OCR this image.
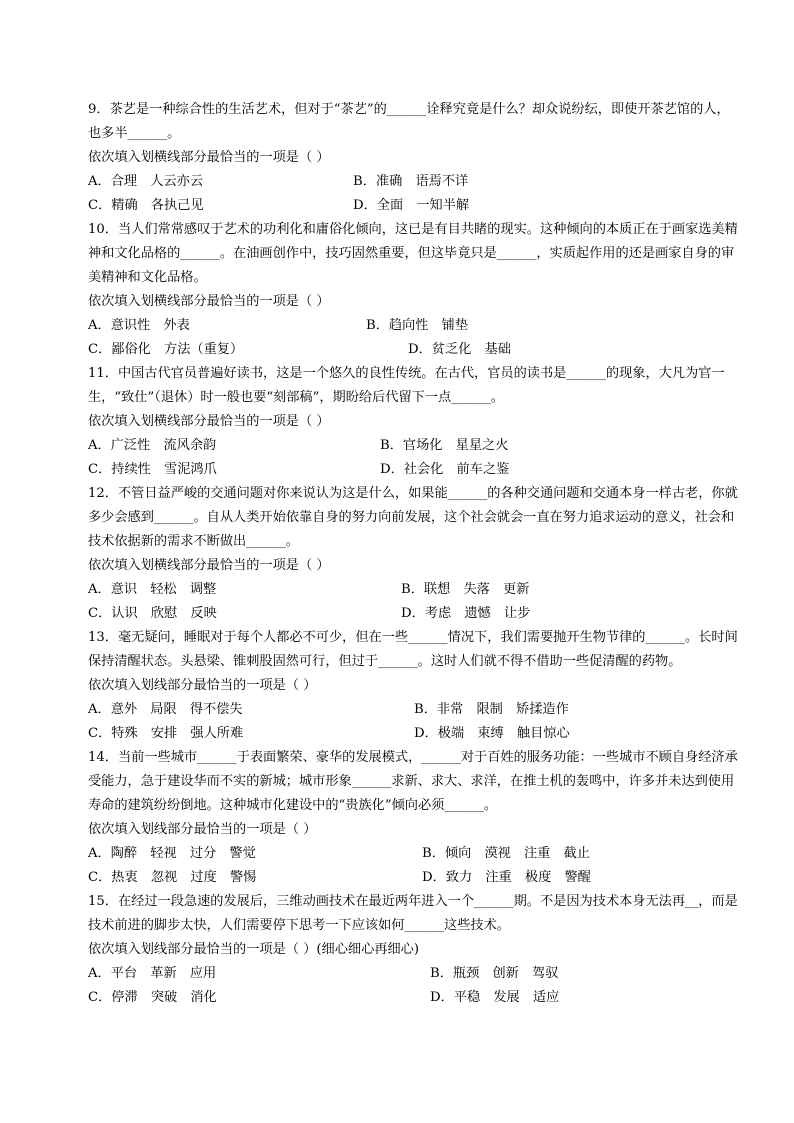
9．茶艺是一种综合性的生活艺术，但对于“茶艺”的______诠释究竟是什么？却众说纷纭，即使开茶艺馆的人，也多半______。
依次填入划横线部分最恰当的一项是（ ）
A．合理　人云亦云	B．准确　语焉不详
C．精确　各执己见	D．全面　一知半解
10．当人们常常感叹于艺术的功利化和庸俗化倾向，这已是有目共睹的现实。这种倾向的本质正在于画家选美精神和文化品格的______。在油画创作中，技巧固然重要，但这毕竟只是______，实质起作用的还是画家自身的审美精神和文化品格。
依次填入划横线部分最恰当的一项是（ ）
A．意识性　外表	B．趋向性　铺垫
C．鄙俗化　方法（重复）	D．贫乏化　基础
11．中国古代官员普遍好读书，这是一个悠久的良性传统。在古代，官员的读书是______的现象，大凡为官一生，“致仕”（退休）时一般也要“刻部稿”，期盼给后代留下一点______。
依次填入划横线部分最恰当的一项是（ ）
A．广泛性　流风余韵	B．官场化　星星之火
C．持续性　雪泥鸿爪	D．社会化　前车之鉴
12．不管日益严峻的交通问题对你来说认为这是什么，如果能______的各种交通问题和交通本身一样古老，你就多少会感到______。自从人类开始依靠自身的努力向前发展，这个社会就会一直在努力追求运动的意义，社会和技术依据新的需求不断做出______。
依次填入划横线部分最恰当的一项是（ ）
A．意识　轻松　调整	B．联想　失落　更新
C．认识　欣慰　反映	D．考虑　遗憾　让步
13．毫无疑问，睡眠对于每个人都必不可少，但在一些______情况下，我们需要抛开生物节律的______。长时间保持清醒状态。头悬梁、锥刺股固然可行，但过于______。这时人们就不得不借助一些促清醒的药物。
依次填入划线部分最恰当的一项是（ ）
A．意外　局限　得不偿失	B．非常　限制　矫揉造作
C．特殊　安排　强人所难	D．极端　束缚　触目惊心
14．当前一些城市______于表面繁荣、豪华的发展模式，______对于百姓的服务功能：一些城市不顾自身经济承受能力，急于建设华而不实的新城；城市形象______求新、求大、求洋，在推土机的轰鸣中，许多并未达到使用寿命的建筑纷纷倒地。这种城市化建设中的“贵族化”倾向必须______。
依次填入划线部分最恰当的一项是（ ）
A．陶醉　轻视　过分　警觉	B．倾向　漠视　注重　截止
C．热衷　忽视　过度　警惕	D．致力　注重　极度　警醒
15．在经过一段急速的发展后，三维动画技术在最近两年进入一个______期。不是因为技术本身无法再__，而是技术前进的脚步太快，人们需要停下思考一下应该如何______这些技术。
依次填入划线部分最恰当的一项是（ ）(细心细心再细心)
A．平台　革新　应用	B．瓶颈　创新　驾驭
C．停滞　突破　消化	D．平稳　发展　适应
